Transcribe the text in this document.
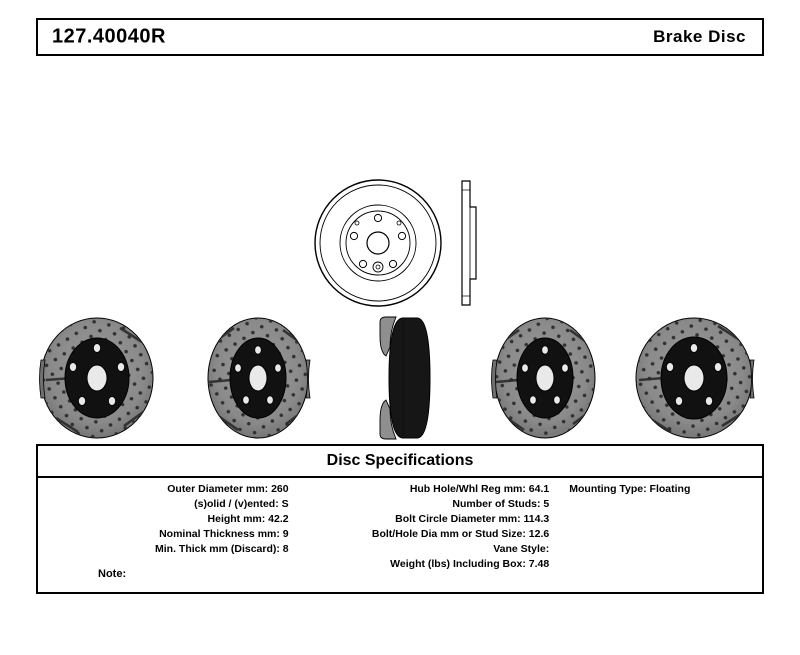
127.40040R	Brake Disc
Disc Specifications
Outer Diameter mm: 260
(s)olid / (v)ented: S
Height mm: 42.2
Nominal Thickness mm: 9
Min. Thick mm (Discard): 8
Hub Hole/Whl Reg mm: 64.1
Number of Studs: 5
Bolt Circle Diameter mm: 114.3
Bolt/Hole Dia mm or Stud Size: 12.6
Vane Style:
Weight (lbs) Including Box: 7.48
Mounting Type: Floating
Note:
